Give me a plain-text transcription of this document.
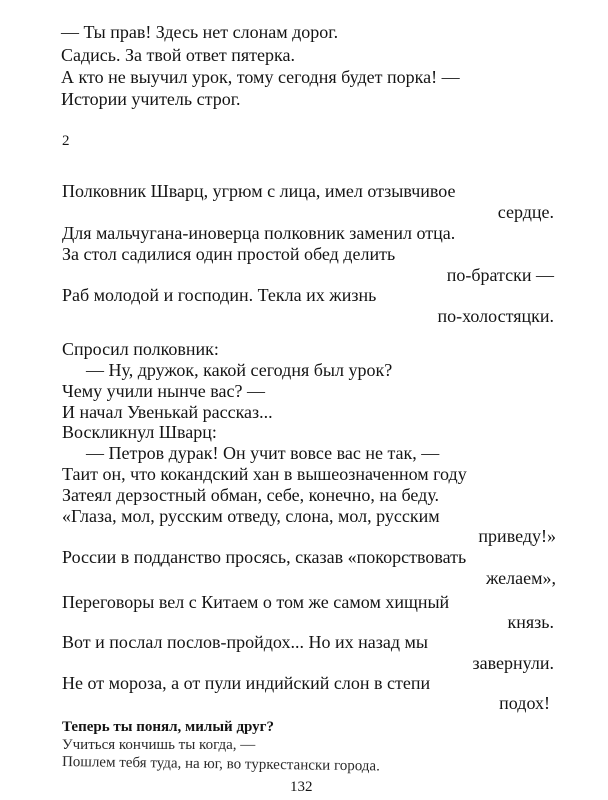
— Ты прав! Здесь нет слонам дорог.
Садись. За твой ответ пятерка.
А кто не выучил урок, тому сегодня будет порка! —
Истории учитель строг.
2
Полковник Шварц, угрюм с лица, имел отзывчивое
сердце.
Для мальчугана-иноверца полковник заменил отца.
За стол садилися один простой обед делить
по-братски —
Раб молодой и господин. Текла их жизнь
по-холостяцки.
Спросил полковник:
— Ну, дружок, какой сегодня был урок?
Чему учили нынче вас? —
И начал Увенькай рассказ...
Воскликнул Шварц:
— Петров дурак! Он учит вовсе вас не так, —
Таит он, что кокандский хан в вышеозначенном году
Затеял дерзостный обман, себе, конечно, на беду.
«Глаза, мол, русским отведу, слона, мол, русским
приведу!»
России в подданство просясь, сказав «покорствовать
желаем»,
Переговоры вел с Китаем о том же самом хищный
князь.
Вот и послал послов-пройдох... Но их назад мы
завернули.
Не от мороза, а от пули индийский слон в степи
подох!
Теперь ты понял, милый друг?
Учиться кончишь ты когда, —
Пошлем тебя туда, на юг, во туркестански города.
132
